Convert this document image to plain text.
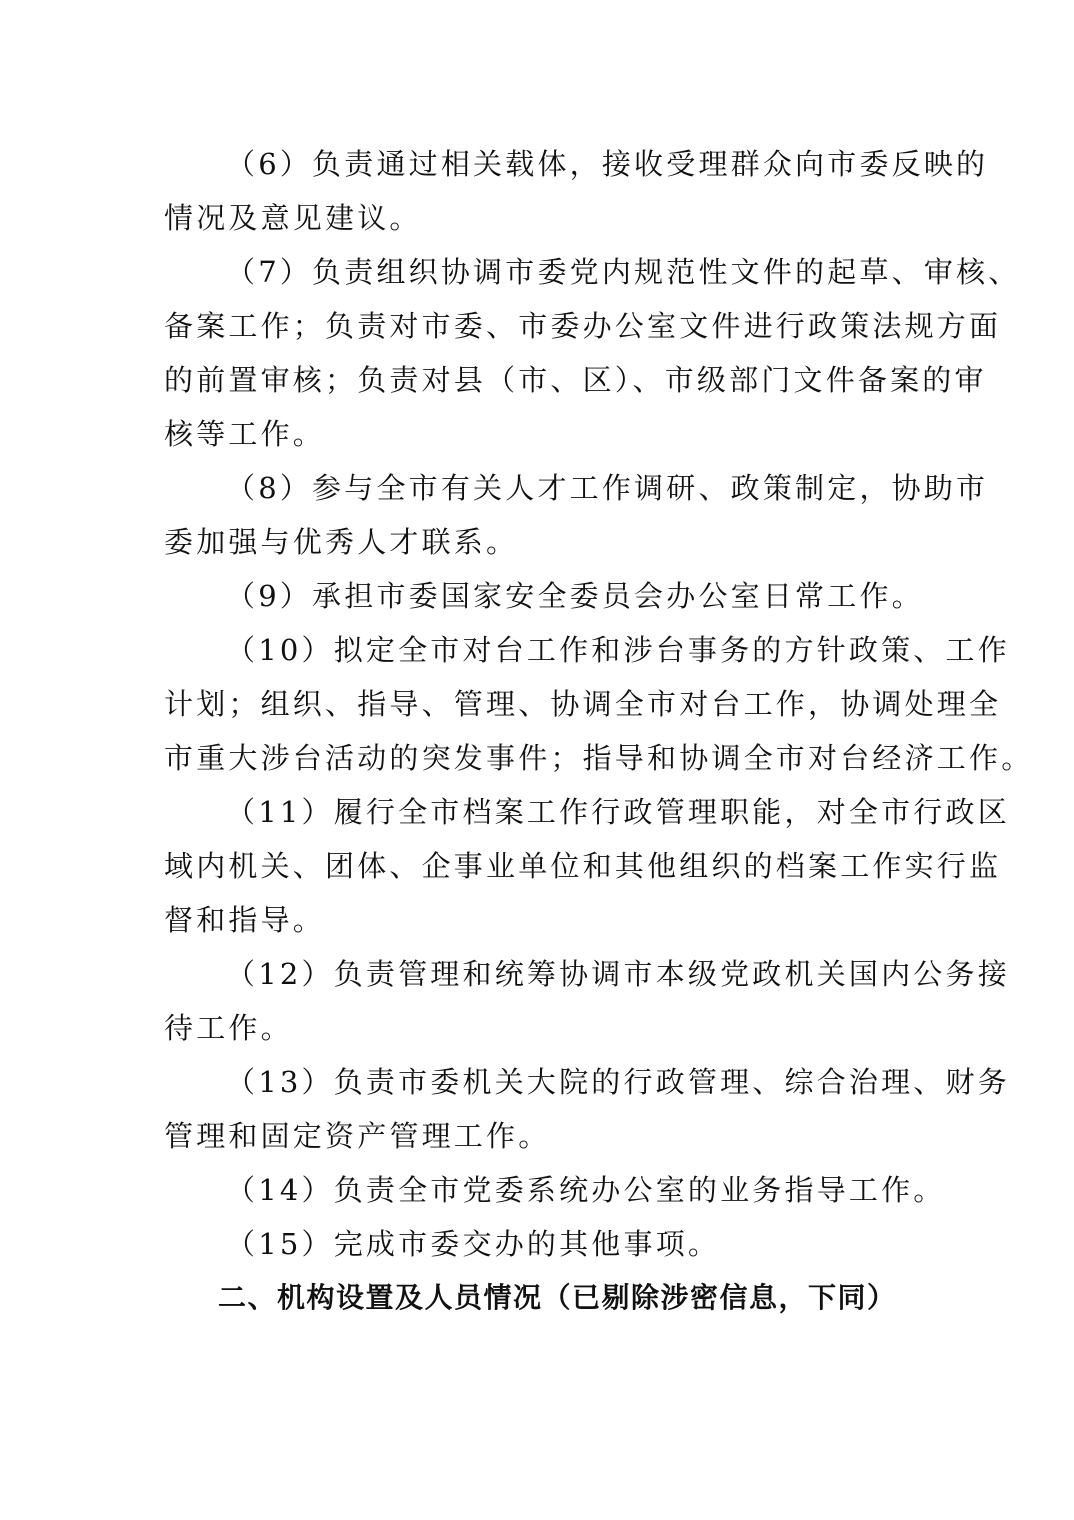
（6）负责通过相关载体，接收受理群众向市委反映的
情况及意见建议。
（7）负责组织协调市委党内规范性文件的起草、审核、
备案工作；负责对市委、市委办公室文件进行政策法规方面
的前置审核；负责对县（市、区）、市级部门文件备案的审
核等工作。
（8）参与全市有关人才工作调研、政策制定，协助市
委加强与优秀人才联系。
（9）承担市委国家安全委员会办公室日常工作。
（10）拟定全市对台工作和涉台事务的方针政策、工作
计划；组织、指导、管理、协调全市对台工作，协调处理全
市重大涉台活动的突发事件；指导和协调全市对台经济工作。
（11）履行全市档案工作行政管理职能，对全市行政区
域内机关、团体、企事业单位和其他组织的档案工作实行监
督和指导。
（12）负责管理和统筹协调市本级党政机关国内公务接
待工作。
（13）负责市委机关大院的行政管理、综合治理、财务
管理和固定资产管理工作。
（14）负责全市党委系统办公室的业务指导工作。
（15）完成市委交办的其他事项。
二、机构设置及人员情况（已剔除涉密信息，下同）
